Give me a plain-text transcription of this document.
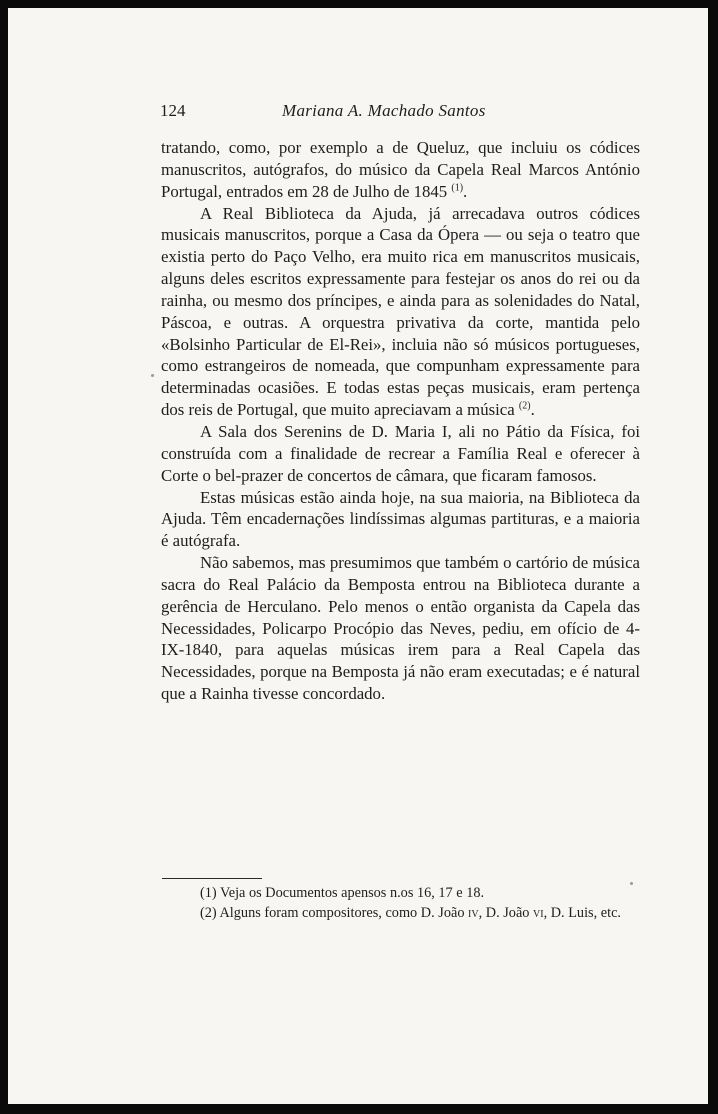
124	Mariana A. Machado Santos

tratando, como, por exemplo a de Queluz, que incluiu os códices manuscritos, autógrafos, do músico da Capela Real Marcos António Portugal, entrados em 28 de Julho de 1845 $^{(1)}$.

A Real Biblioteca da Ajuda, já arrecadava outros códices musicais manuscritos, porque a Casa da Ópera — ou seja o teatro que existia perto do Paço Velho, era muito rica em manuscritos musicais, alguns deles escritos expressamente para festejar os anos do rei ou da rainha, ou mesmo dos príncipes, e ainda para as solenidades do Natal, Páscoa, e outras. A orquestra privativa da corte, mantida pelo «Bolsinho Particular de El-Rei», incluia não só músicos portugueses, como estrangeiros de nomeada, que compunham expressamente para determinadas ocasiões. E todas estas peças musicais, eram pertença dos reis de Portugal, que muito apreciavam a música $^{(2)}$.

A Sala dos Serenins de D. Maria I, ali no Pátio da Física, foi construída com a finalidade de recrear a Família Real e oferecer à Corte o bel-prazer de concertos de câmara, que ficaram famosos.

Estas músicas estão ainda hoje, na sua maioria, na Biblioteca da Ajuda. Têm encadernações lindíssimas algumas partituras, e a maioria é autógrafa.

Não sabemos, mas presumimos que também o cartório de música sacra do Real Palácio da Bemposta entrou na Biblioteca durante a gerência de Herculano. Pelo menos o então organista da Capela das Necessidades, Policarpo Procópio das Neves, pediu, em ofício de 4-IX-1840, para aquelas músicas irem para a Real Capela das Necessidades, porque na Bemposta já não eram executadas; e é natural que a Rainha tivesse concordado.

(1) Veja os Documentos apensos n.os 16, 17 e 18.

(2) Alguns foram compositores, como D. João iv, D. João vi, D. Luis, etc.
